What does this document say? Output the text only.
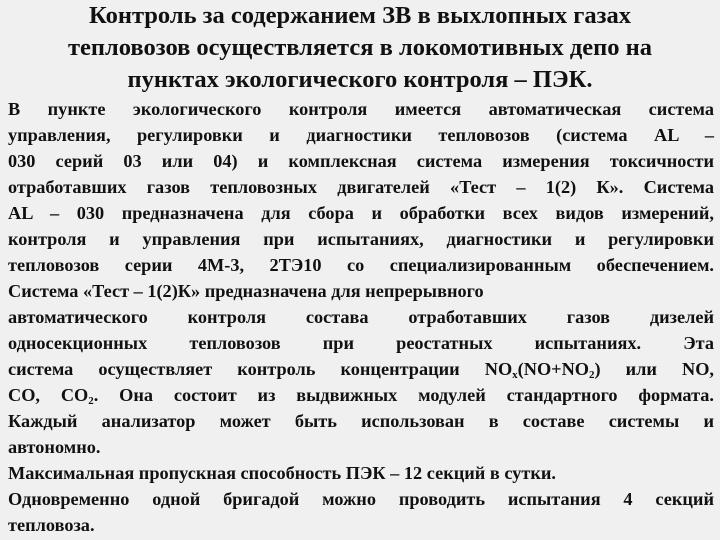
Контроль за содержанием ЗВ в выхлопных газах
тепловозов осуществляется в локомотивных депо на
пунктах экологического контроля – ПЭК.
В пункте экологического контроля имеется автоматическая система
управления, регулировки и диагностики тепловозов (система AL –
030 серий 03 или 04) и комплексная система измерения токсичности
отработавших газов тепловозных двигателей «Тест – 1(2) К». Система
AL – 030 предназначена для сбора и обработки всех видов измерений,
контроля и управления при испытаниях, диагностики и регулировки
тепловозов серии 4М-3, 2ТЭ10 со специализированным обеспечением.
Система «Тест – 1(2)К» предназначена для непрерывного
автоматического контроля состава отработавших газов дизелей
односекционных тепловозов при реостатных испытаниях. Эта
система осуществляет контроль концентрации $NO_x(NO+NO_2)$ или NO,
CO, $CO_2$. Она состоит из выдвижных модулей стандартного формата.
Каждый анализатор может быть использован в составе системы и
автономно.
Максимальная пропускная способность ПЭК – 12 секций в сутки.
Одновременно одной бригадой можно проводить испытания 4 секций
тепловоза.
